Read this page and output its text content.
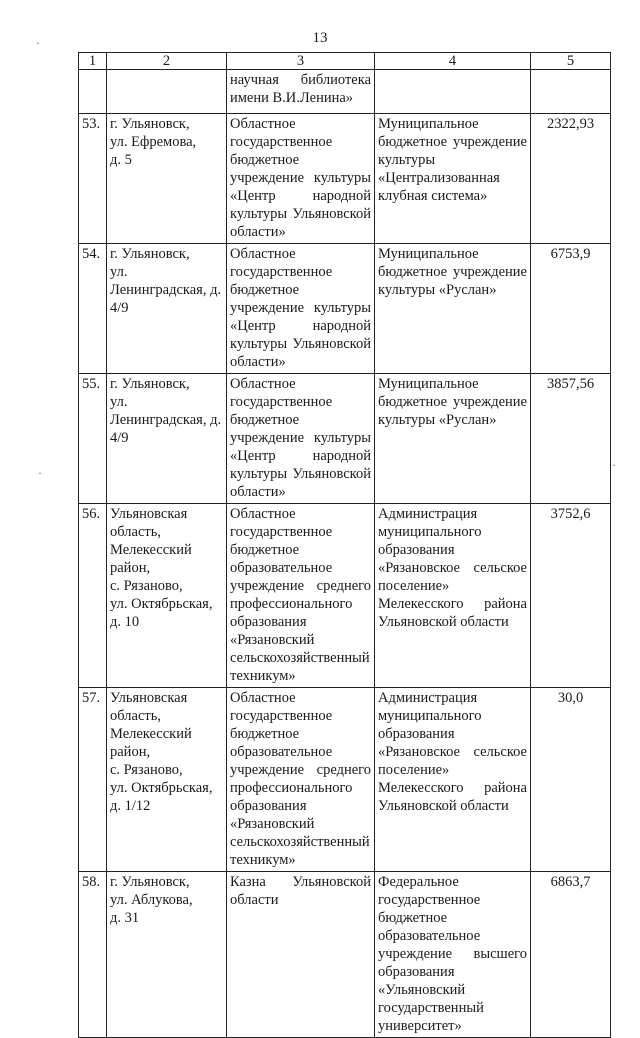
13
1	2	3	4	5
		научная библиотека имени В.И.Ленина»		
53.	г. Ульяновск,
ул. Ефремова,
д. 5	Областное государственное бюджетное учреждение культуры «Центр народной культуры Ульяновской области»	Муниципальное бюджетное учреждение культуры «Централизованная клубная система»	2322,93
54.	г. Ульяновск,
ул. Ленинградская, д. 4/9	Областное государственное бюджетное учреждение культуры «Центр народной культуры Ульяновской области»	Муниципальное бюджетное учреждение культуры «Руслан»	6753,9
55.	г. Ульяновск,
ул. Ленинградская, д. 4/9	Областное государственное бюджетное учреждение культуры «Центр народной культуры Ульяновской области»	Муниципальное бюджетное учреждение культуры «Руслан»	3857,56
56.	Ульяновская область, Мелекесский район,
с. Рязаново,
ул. Октябрьская,
д. 10	Областное государственное бюджетное образовательное учреждение среднего профессионального образования «Рязановский сельскохозяйственный техникум»	Администрация муниципального образования «Рязановское сельское поселение» Мелекесского района Ульяновской области	3752,6
57.	Ульяновская область, Мелекесский район,
с. Рязаново,
ул. Октябрьская,
д. 1/12	Областное государственное бюджетное образовательное учреждение среднего профессионального образования «Рязановский сельскохозяйственный техникум»	Администрация муниципального образования «Рязановское сельское поселение» Мелекесского района Ульяновской области	30,0
58.	г. Ульяновск,
ул. Аблукова,
д. 31	Казна Ульяновской области	Федеральное государственное бюджетное образовательное учреждение высшего образования «Ульяновский государственный университет»	6863,7
·
·
·
